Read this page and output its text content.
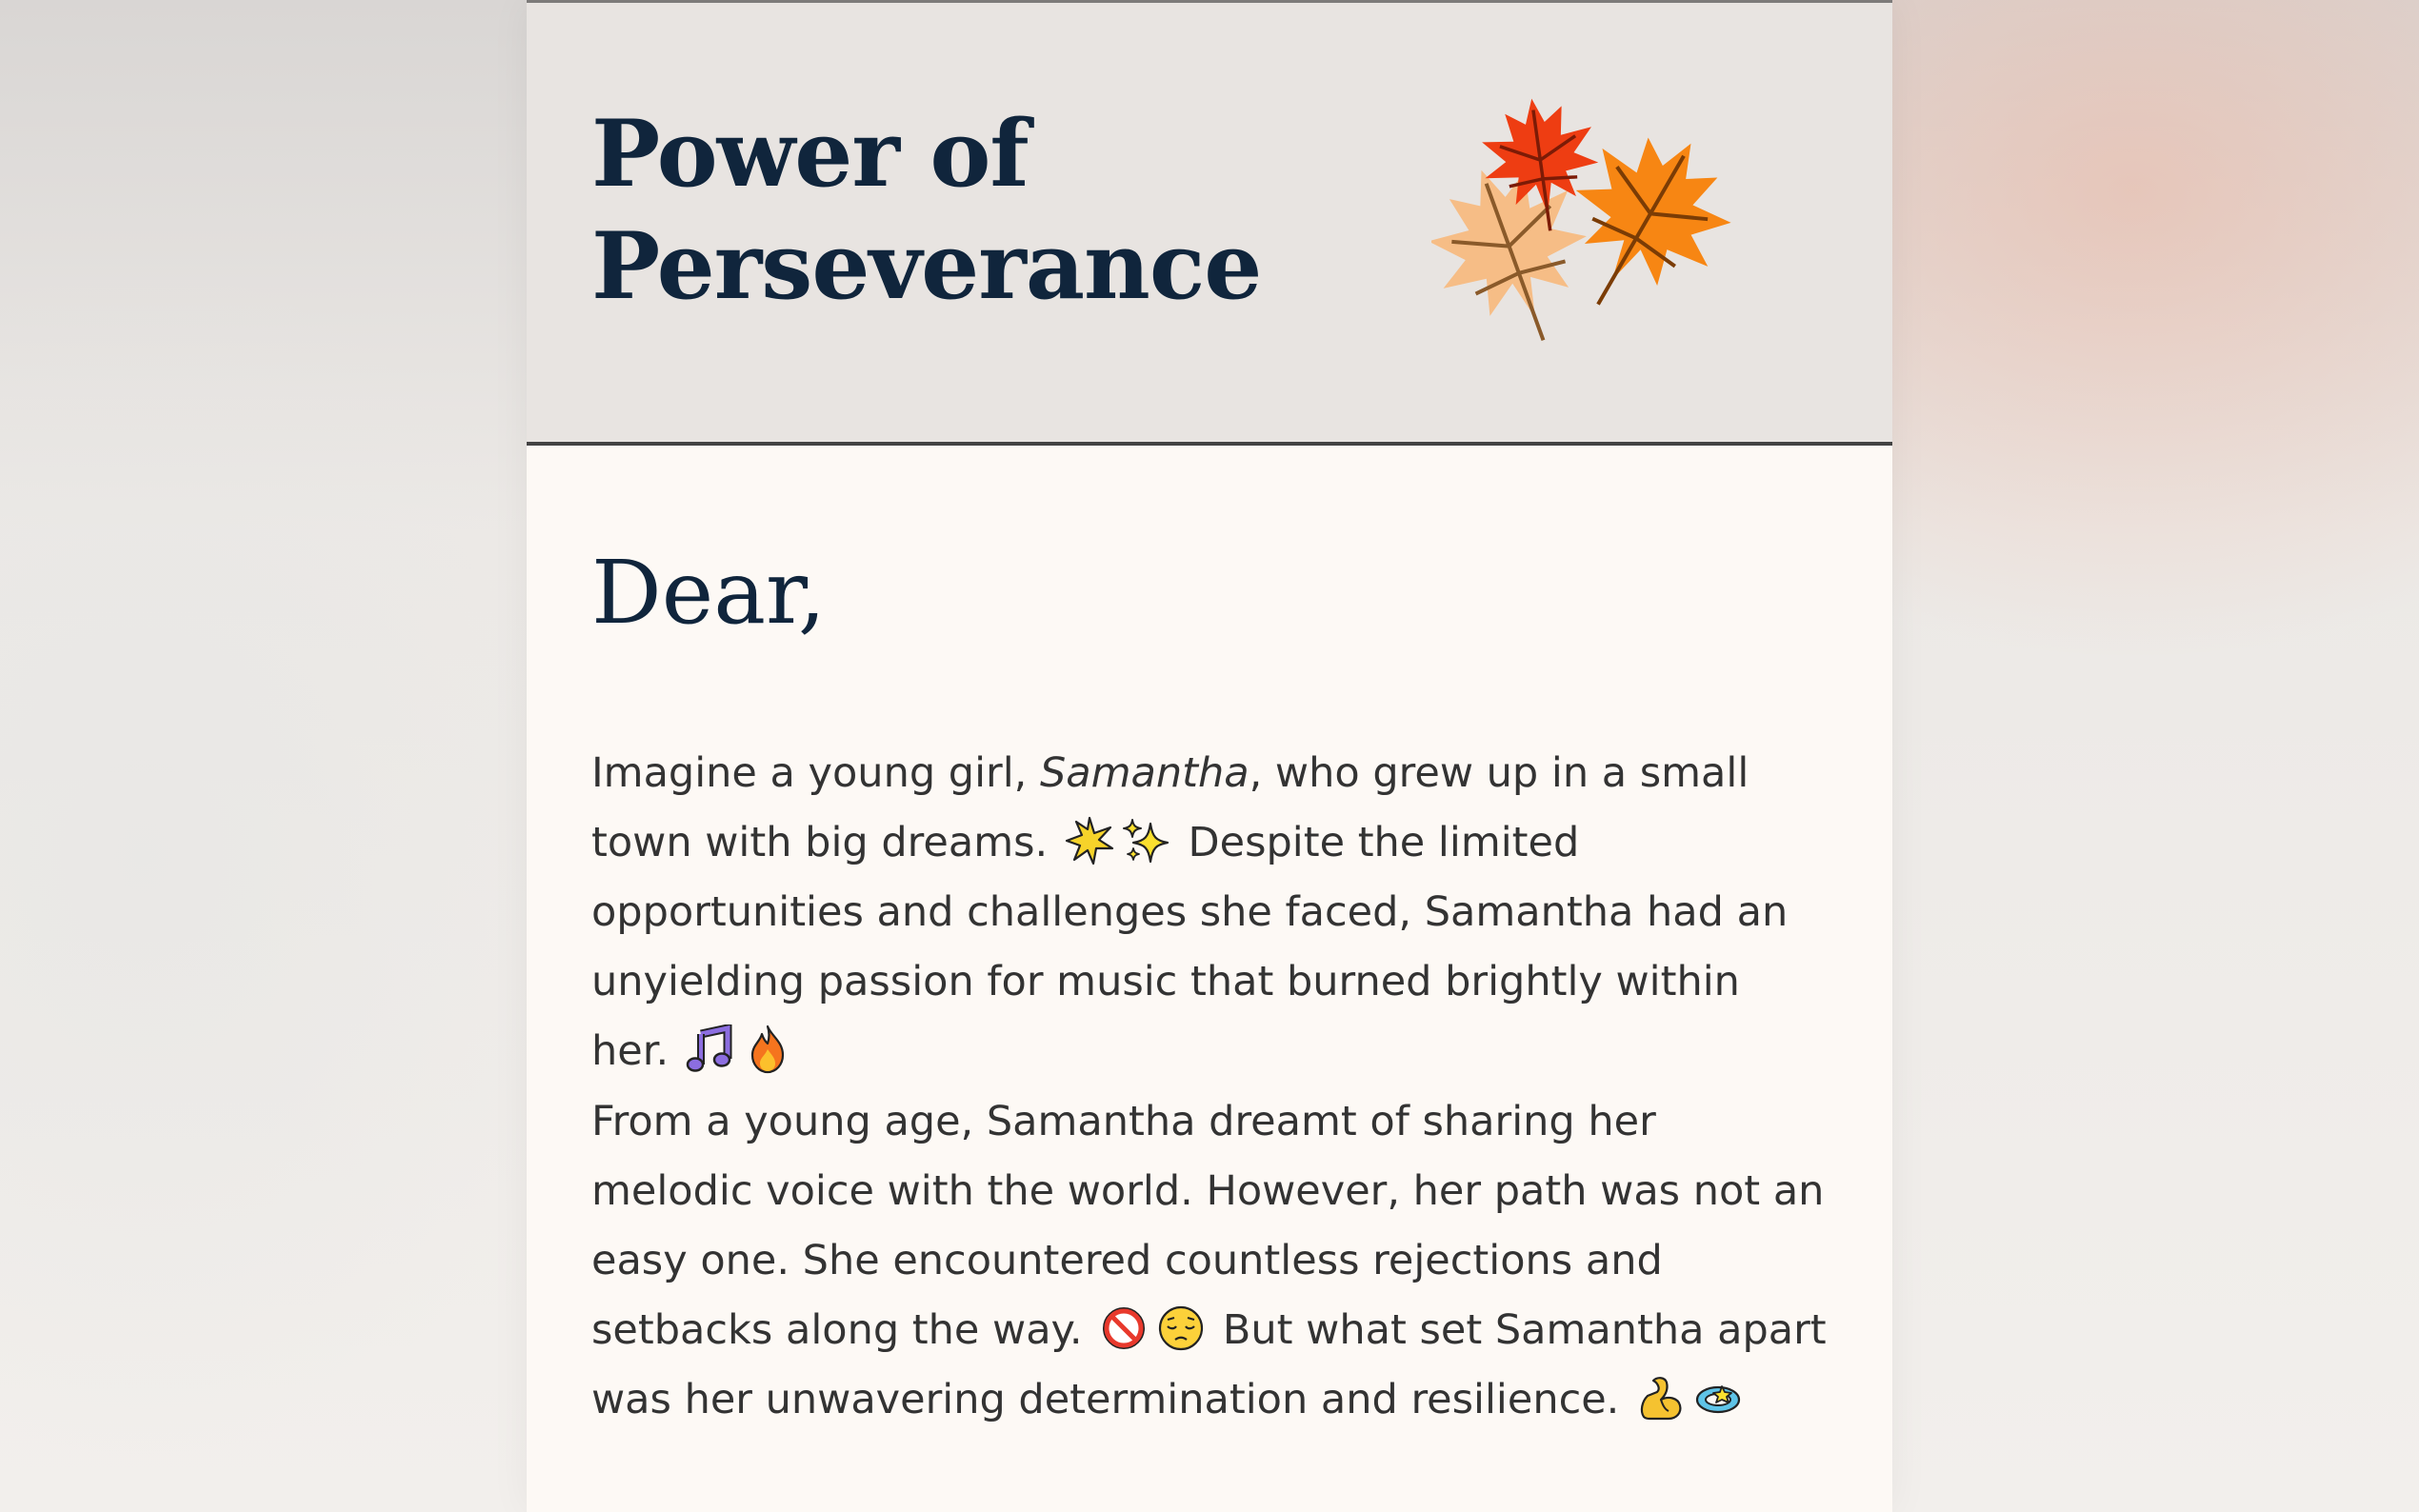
Power of
Perseverance
Dear,

Imagine a young girl, Samantha, who grew up in a small town with big dreams.	Despite the limited opportunities and challenges she faced, Samantha had an unyielding passion for music that burned brightly within her.

From a young age, Samantha dreamt of sharing her melodic voice with the world. However, her path was not an easy one. She encountered countless rejections and setbacks along the way.	But what set Samantha apart was her unwavering determination and resilience.
